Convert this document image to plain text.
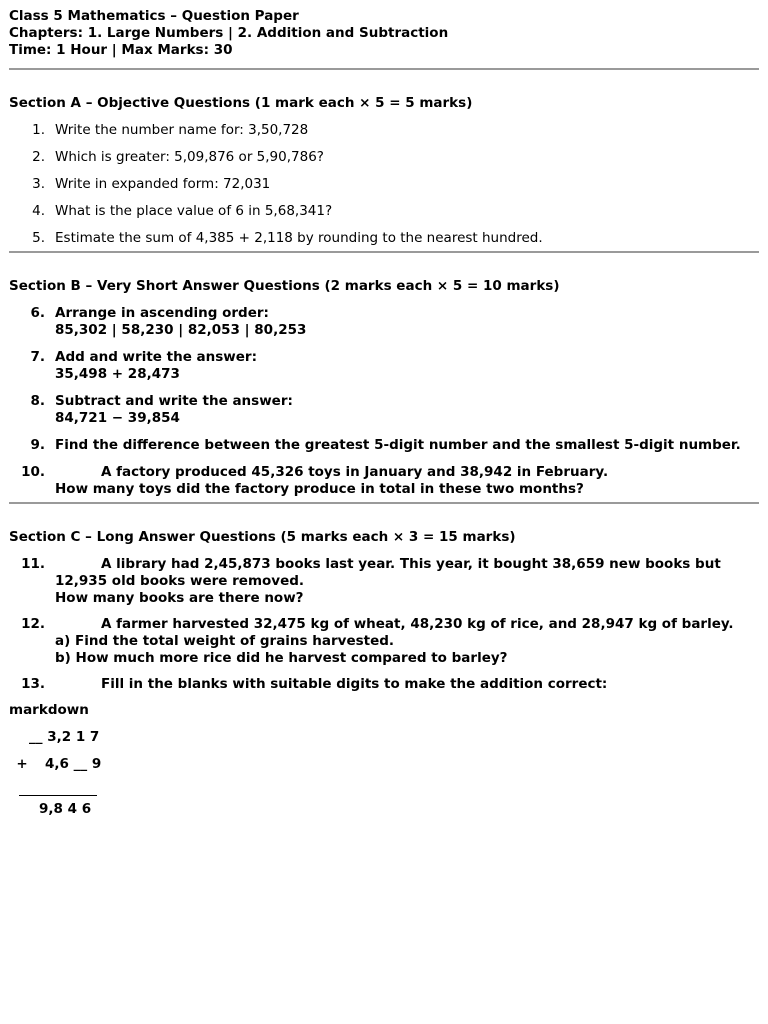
Class 5 Mathematics – Question Paper
Chapters: 1. Large Numbers | 2. Addition and Subtraction
Time: 1 Hour | Max Marks: 30
Section A – Objective Questions (1 mark each × 5 = 5 marks)
1. Write the number name for: 3,50,728
2. Which is greater: 5,09,876 or 5,90,786?
3. Write in expanded form: 72,031
4. What is the place value of 6 in 5,68,341?
5. Estimate the sum of 4,385 + 2,118 by rounding to the nearest hundred.
Section B – Very Short Answer Questions (2 marks each × 5 = 10 marks)
6. Arrange in ascending order:
85,302 | 58,230 | 82,053 | 80,253
7. Add and write the answer:
35,498 + 28,473
8. Subtract and write the answer:
84,721 − 39,854
9. Find the difference between the greatest 5-digit number and the smallest 5-digit number.
10.	A factory produced 45,326 toys in January and 38,942 in February.
How many toys did the factory produce in total in these two months?
Section C – Long Answer Questions (5 marks each × 3 = 15 marks)
11.	A library had 2,45,873 books last year. This year, it bought 38,659 new books but 12,935 old books were removed.
How many books are there now?
12.	A farmer harvested 32,475 kg of wheat, 48,230 kg of rice, and 28,947 kg of barley.
a) Find the total weight of grains harvested.
b) How much more rice did he harvest compared to barley?
13.	Fill in the blanks with suitable digits to make the addition correct:
markdown
__ 3,2 1 7
+ 4,6 __ 9
9,8 4 6
